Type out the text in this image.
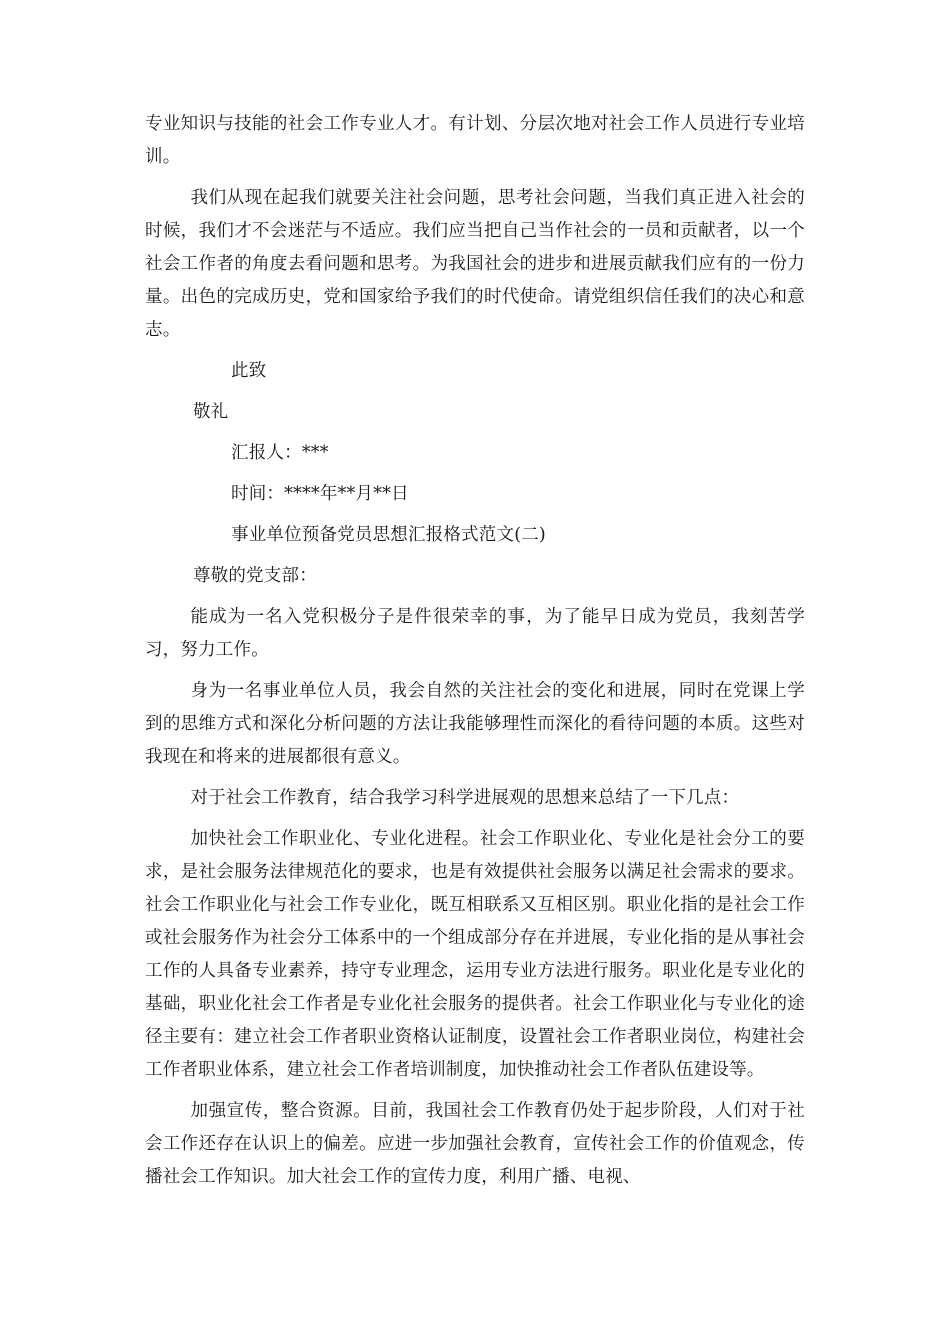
专业知识与技能的社会工作专业人才。有计划、分层次地对社会工作人员进行专业培训。

我们从现在起我们就要关注社会问题，思考社会问题，当我们真正进入社会的时候，我们才不会迷茫与不适应。我们应当把自己当作社会的一员和贡献者，以一个社会工作者的角度去看问题和思考。为我国社会的进步和进展贡献我们应有的一份力量。出色的完成历史，党和国家给予我们的时代使命。请党组织信任我们的决心和意志。

此致

敬礼

汇报人：***

时间：****年**月**日

事业单位预备党员思想汇报格式范文(二)

尊敬的党支部：

能成为一名入党积极分子是件很荣幸的事，为了能早日成为党员，我刻苦学习，努力工作。

身为一名事业单位人员，我会自然的关注社会的变化和进展，同时在党课上学到的思维方式和深化分析问题的方法让我能够理性而深化的看待问题的本质。这些对我现在和将来的进展都很有意义。

对于社会工作教育，结合我学习科学进展观的思想来总结了一下几点：

加快社会工作职业化、专业化进程。社会工作职业化、专业化是社会分工的要求，是社会服务法律规范化的要求，也是有效提供社会服务以满足社会需求的要求。社会工作职业化与社会工作专业化，既互相联系又互相区别。职业化指的是社会工作或社会服务作为社会分工体系中的一个组成部分存在并进展，专业化指的是从事社会工作的人具备专业素养，持守专业理念，运用专业方法进行服务。职业化是专业化的基础，职业化社会工作者是专业化社会服务的提供者。社会工作职业化与专业化的途径主要有：建立社会工作者职业资格认证制度，设置社会工作者职业岗位，构建社会工作者职业体系，建立社会工作者培训制度，加快推动社会工作者队伍建设等。

加强宣传，整合资源。目前，我国社会工作教育仍处于起步阶段，人们对于社会工作还存在认识上的偏差。应进一步加强社会教育，宣传社会工作的价值观念，传播社会工作知识。加大社会工作的宣传力度，利用广播、电视、
